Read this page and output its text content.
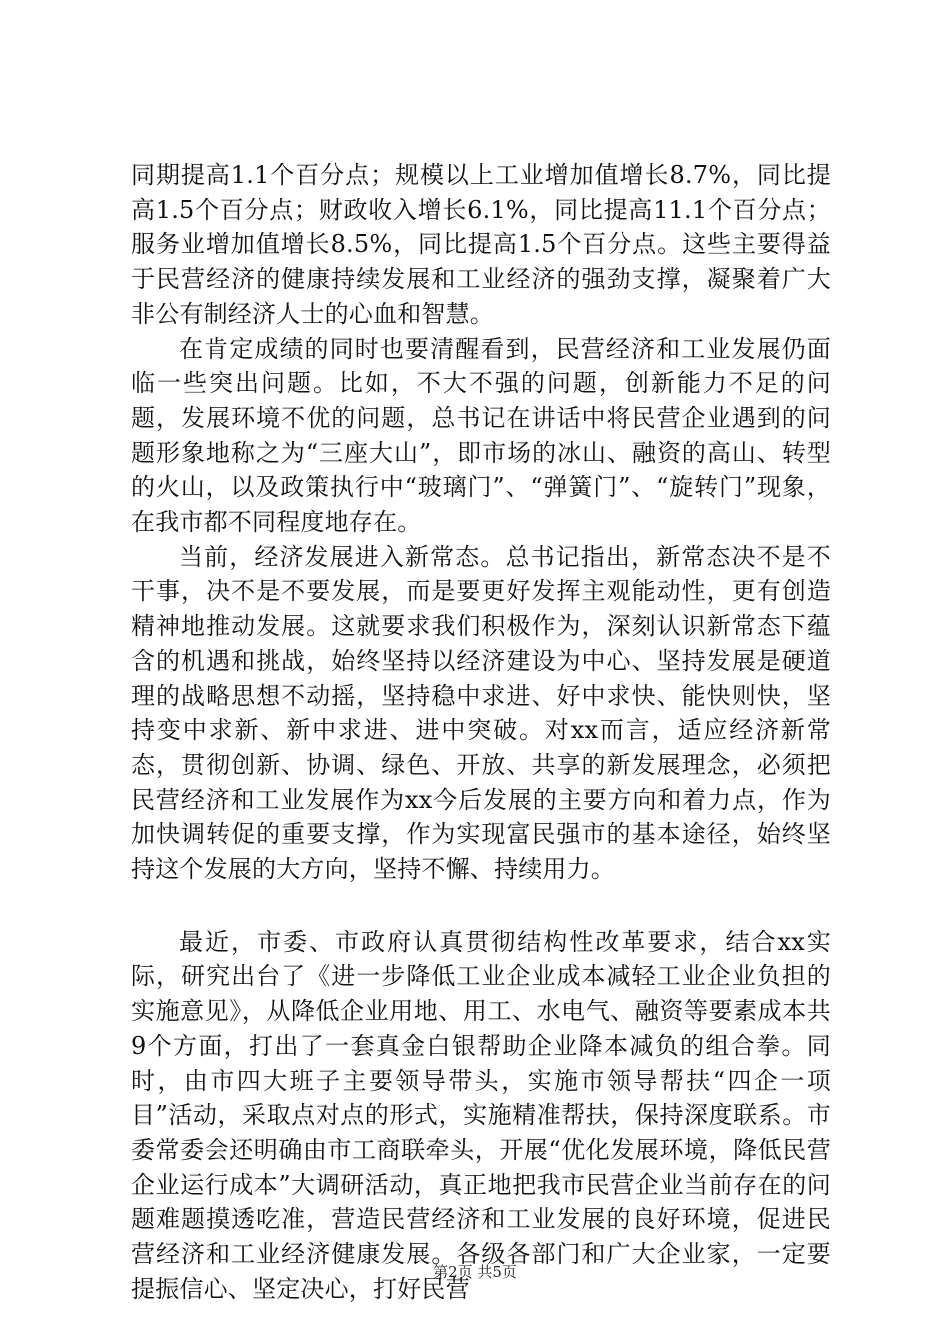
同期提高1.1个百分点；规模以上工业增加值增长8.7%，同比提高1.5个百分点；财政收入增长6.1%，同比提高11.1个百分点；服务业增加值增长8.5%，同比提高1.5个百分点。这些主要得益于民营经济的健康持续发展和工业经济的强劲支撑，凝聚着广大非公有制经济人士的心血和智慧。

在肯定成绩的同时也要清醒看到，民营经济和工业发展仍面临一些突出问题。比如，不大不强的问题，创新能力不足的问题，发展环境不优的问题，总书记在讲话中将民营企业遇到的问题形象地称之为“三座大山”，即市场的冰山、融资的高山、转型的火山，以及政策执行中“玻璃门”、“弹簧门”、“旋转门”现象，在我市都不同程度地存在。

当前，经济发展进入新常态。总书记指出，新常态决不是不干事，决不是不要发展，而是要更好发挥主观能动性，更有创造精神地推动发展。这就要求我们积极作为，深刻认识新常态下蕴含的机遇和挑战，始终坚持以经济建设为中心、坚持发展是硬道理的战略思想不动摇，坚持稳中求进、好中求快、能快则快，坚持变中求新、新中求进、进中突破。对xx而言，适应经济新常态，贯彻创新、协调、绿色、开放、共享的新发展理念，必须把民营经济和工业发展作为xx今后发展的主要方向和着力点，作为加快调转促的重要支撑，作为实现富民强市的基本途径，始终坚持这个发展的大方向，坚持不懈、持续用力。

最近，市委、市政府认真贯彻结构性改革要求，结合xx实际，研究出台了《进一步降低工业企业成本减轻工业企业负担的实施意见》，从降低企业用地、用工、水电气、融资等要素成本共9个方面，打出了一套真金白银帮助企业降本减负的组合拳。同时，由市四大班子主要领导带头，实施市领导帮扶“四企一项目”活动，采取点对点的形式，实施精准帮扶，保持深度联系。市委常委会还明确由市工商联牵头，开展“优化发展环境，降低民营企业运行成本”大调研活动，真正地把我市民营企业当前存在的问题难题摸透吃准，营造民营经济和工业发展的良好环境，促进民营经济和工业经济健康发展。各级各部门和广大企业家，一定要提振信心、坚定决心，打好民营

第2页 共5页
